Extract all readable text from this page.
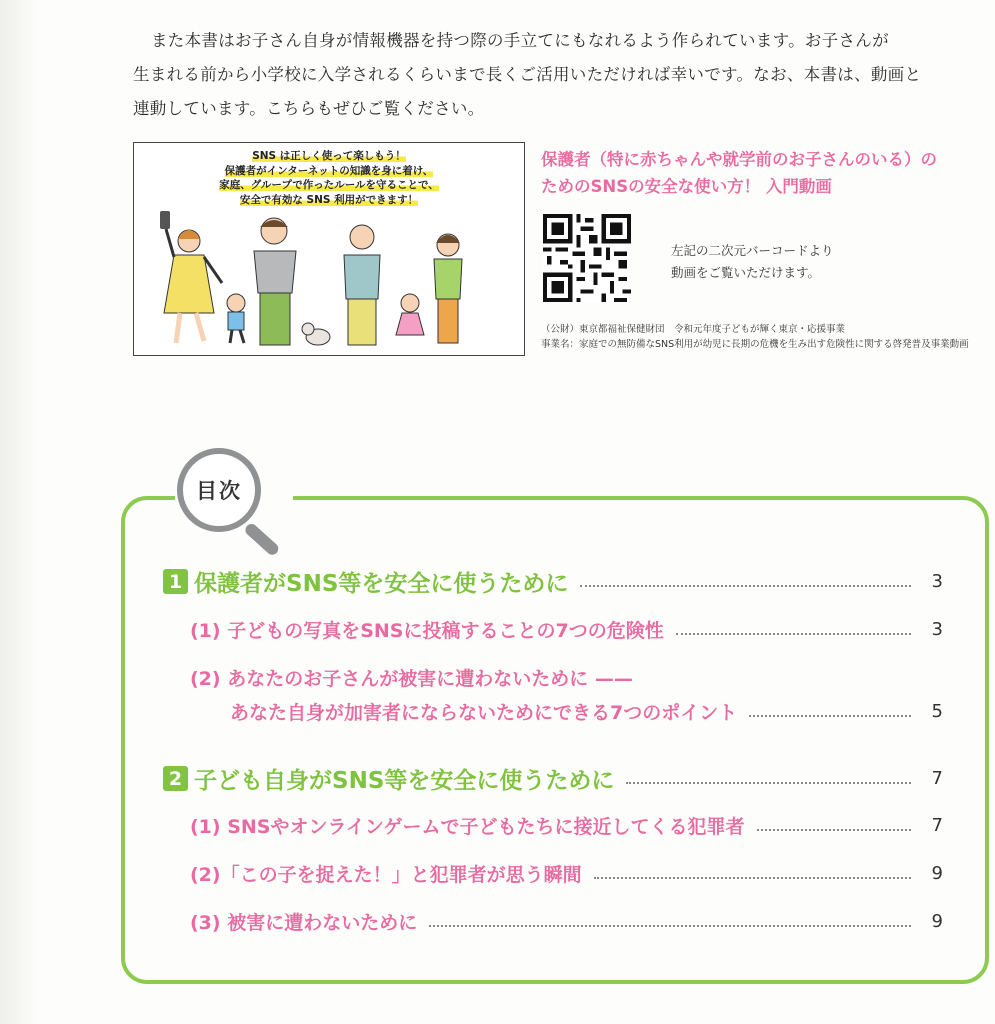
また本書はお子さん自身が情報機器を持つ際の手立てにもなれるよう作られています。お子さんが

生まれる前から小学校に入学されるくらいまで長くご活用いただければ幸いです。なお、本書は、動画と

連動しています。こちらもぜひご覧ください。

SNS は正しく使って楽しもう！
保護者がインターネットの知識を身に着け、
家庭、グループで作ったルールを守ることで、
安全で有効な SNS 利用ができます！
保護者（特に赤ちゃんや就学前のお子さんのいる）の
ためのSNSの安全な使い方！ 入門動画
左記の二次元バーコードより
動画をご覧いただけます。
（公財）東京都福祉保健財団　令和元年度子どもが輝く東京・応援事業
事業名：家庭での無防備なSNS利用が幼児に長期の危機を生み出す危険性に関する啓発普及事業動画
目次
1 保護者がSNS等を安全に使うために	3
(1) 子どもの写真をSNSに投稿することの7つの危険性	3
(2) あなたのお子さんが被害に遭わないために ——
あなた自身が加害者にならないためにできる7つのポイント	5
2 子ども自身がSNS等を安全に使うために	7
(1) SNSやオンラインゲームで子どもたちに接近してくる犯罪者	7
(2)「この子を捉えた！」と犯罪者が思う瞬間	9
(3) 被害に遭わないために	9
